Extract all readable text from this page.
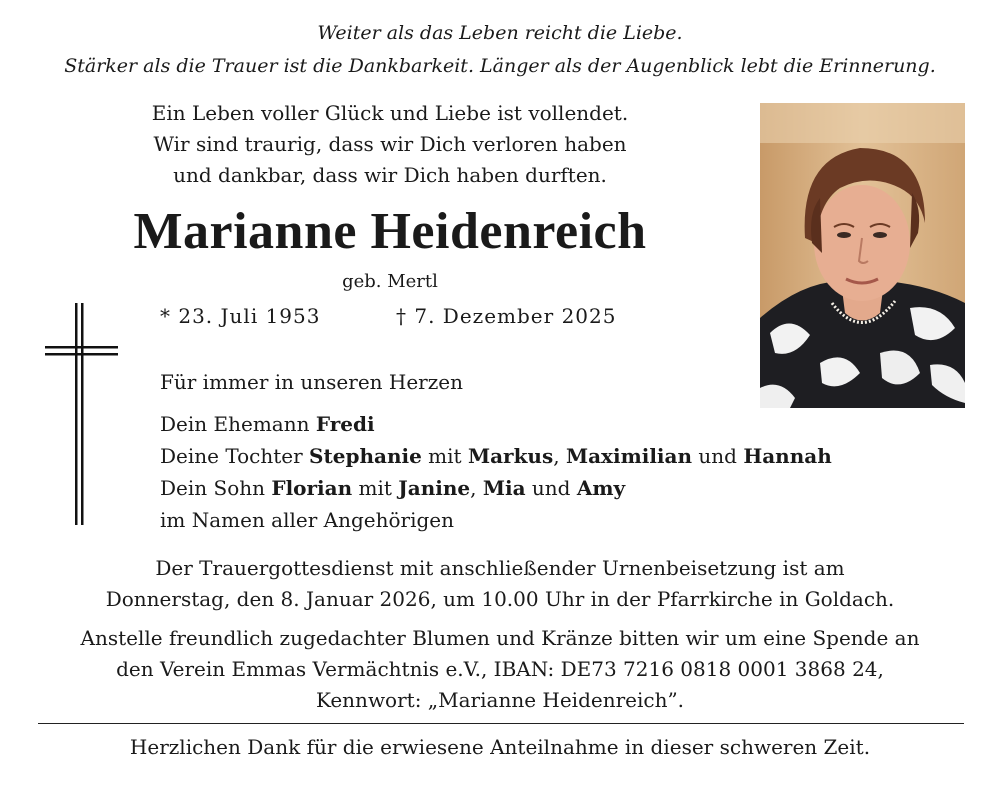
Weiter als das Leben reicht die Liebe.
Stärker als die Trauer ist die Dankbarkeit. Länger als der Augenblick lebt die Erinnerung.
Ein Leben voller Glück und Liebe ist vollendet.
Wir sind traurig, dass wir Dich verloren haben
und dankbar, dass wir Dich haben durften.
Marianne Heidenreich
geb. Mertl
* 23. Juli 1953	† 7. Dezember 2025
Für immer in unseren Herzen
Dein Ehemann Fredi
Deine Tochter Stephanie mit Markus, Maximilian und Hannah
Dein Sohn Florian mit Janine, Mia und Amy
im Namen aller Angehörigen
Der Trauergottesdienst mit anschließender Urnenbeisetzung ist am
Donnerstag, den 8. Januar 2026, um 10.00 Uhr in der Pfarrkirche in Goldach.
Anstelle freundlich zugedachter Blumen und Kränze bitten wir um eine Spende an
den Verein Emmas Vermächtnis e.V., IBAN: DE73 7216 0818 0001 3868 24,
Kennwort: „Marianne Heidenreich”.
Herzlichen Dank für die erwiesene Anteilnahme in dieser schweren Zeit.
